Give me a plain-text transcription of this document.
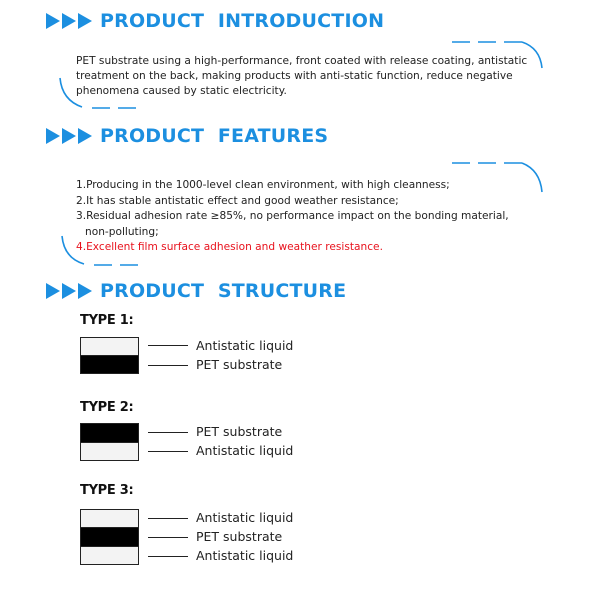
PRODUCT  INTRODUCTION

PET substrate using a high-performance, front coated with release coating, antistatic treatment on the back, making products with anti-static function, reduce negative phenomena caused by static electricity.

PRODUCT  FEATURES
1.Producing in the 1000-level clean environment, with high cleanness;
2.It has stable antistatic effect and good weather resistance;
3.Residual adhesion rate ≥85%, no performance impact on the bonding material,
non-polluting;
4.Excellent film surface adhesion and weather resistance.
PRODUCT  STRUCTURE
TYPE 1:
Antistatic liquid
PET substrate
TYPE 2:
PET substrate
Antistatic liquid
TYPE 3:
Antistatic liquid
PET substrate
Antistatic liquid
